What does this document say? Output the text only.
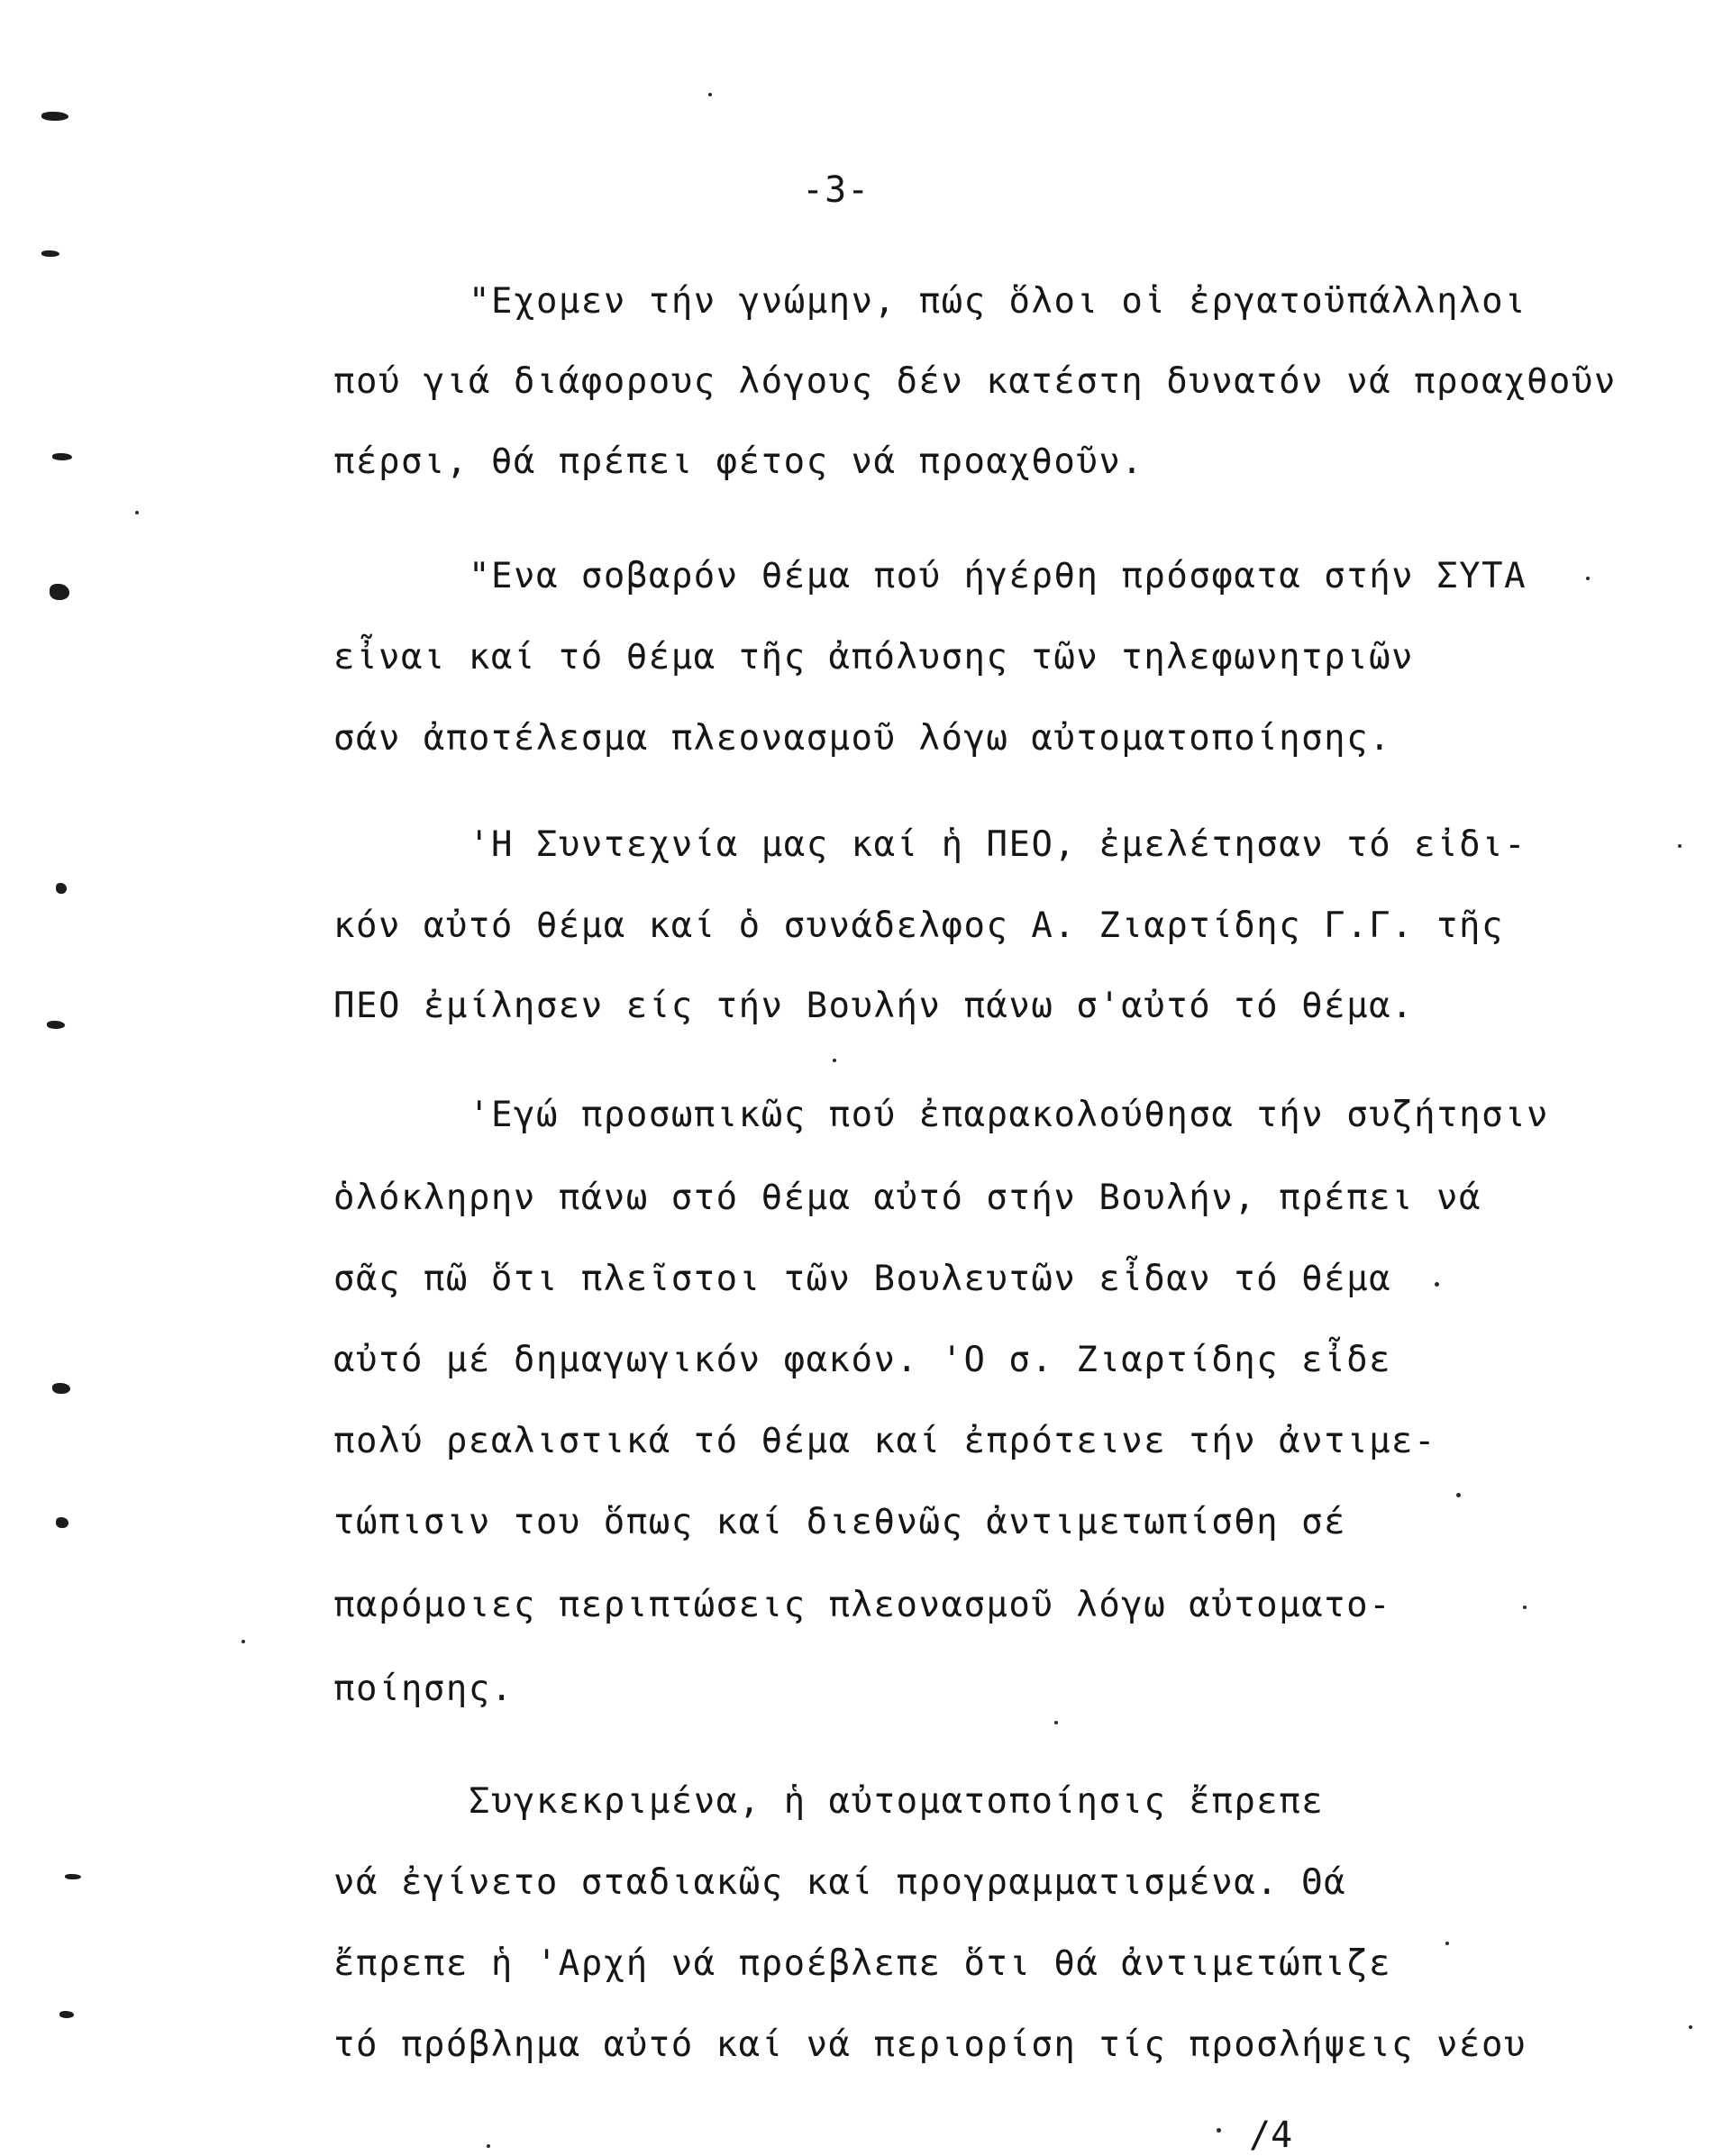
-3-
"Εχομεν τήν γνώμην, πώς ὅλοι οἱ ἐργατοϋπάλληλοι
πού γιά διάφορους λόγους δέν κατέστη δυνατόν νά προαχθοῦν
πέρσι, θά πρέπει φέτος νά προαχθοῦν.
"Ενα σοβαρόν θέμα πού ήγέρθη πρόσφατα στήν ΣΥΤΑ
εἶναι καί τό θέμα τῆς ἀπόλυσης τῶν τηλεφωνητριῶν
σάν ἀποτέλεσμα πλεονασμοῦ λόγω αὐτοματοποίησης.
'Η Συντεχνία μας καί ἡ ΠΕΟ, ἐμελέτησαν τό εἰδι-
κόν αὐτό θέμα καί ὁ συνάδελφος Α. Ζιαρτίδης Γ.Γ. τῆς
ΠΕΟ ἐμίλησεν είς τήν Βουλήν πάνω σ'αὐτό τό θέμα.
'Εγώ προσωπικῶς πού ἐπαρακολούθησα τήν συζήτησιν
ὁλόκληρην πάνω στό θέμα αὐτό στήν Βουλήν, πρέπει νά
σᾶς πῶ ὅτι πλεῖστοι τῶν Βουλευτῶν εἶδαν τό θέμα
αὐτό μέ δημαγωγικόν φακόν. 'Ο σ. Ζιαρτίδης εἶδε
πολύ ρεαλιστικά τό θέμα καί ἐπρότεινε τήν ἀντιμε-
τώπισιν του ὅπως καί διεθνῶς ἀντιμετωπίσθη σέ
παρόμοιες περιπτώσεις πλεονασμοῦ λόγω αὐτοματο-
ποίησης.
Συγκεκριμένα, ἡ αὐτοματοποίησις ἔπρεπε
νά ἐγίνετο σταδιακῶς καί προγραμματισμένα. Θά
ἔπρεπε ἡ 'Αρχή νά προέβλεπε ὅτι θά ἀντιμετώπιζε
τό πρόβλημα αὐτό καί νά περιορίση τίς προσλήψεις νέου
/4
